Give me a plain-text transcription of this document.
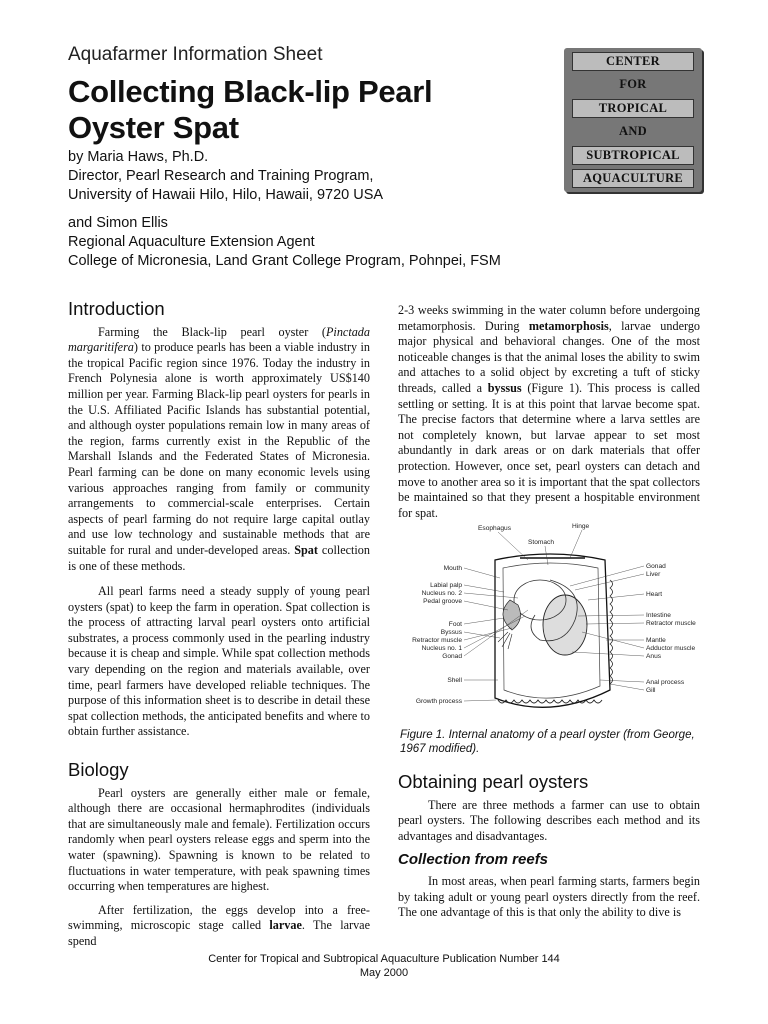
Aquafarmer Information Sheet
Collecting Black-lip Pearl
Oyster Spat

by Maria Haws, Ph.D.

Director, Pearl Research and Training Program,

University of Hawaii Hilo, Hilo, Hawaii, 9720 USA

and Simon Ellis

Regional Aquaculture Extension Agent

College of Micronesia, Land Grant College Program, Pohnpei, FSM

CENTER
FOR
TROPICAL
AND
SUBTROPICAL
AQUACULTURE
Introduction

Farming the Black-lip pearl oyster (Pinctada margaritifera) to produce pearls has been a viable industry in the tropical Pacific region since 1976. Today the industry in French Polynesia alone is worth approximately US$140 million per year. Farming Black-lip pearl oysters for pearls in the U.S. Affiliated Pacific Islands has substantial potential, and although oyster populations remain low in many areas of the region, farms currently exist in the Republic of the Marshall Islands and the Federated States of Micronesia. Pearl farming can be done on many economic levels using various approaches ranging from family or community arrangements to commercial-scale enterprises. Certain aspects of pearl farming do not require large capital outlay and use low technology and sustainable methods that are suitable for rural and under-developed areas. Spat collection is one of these methods.

All pearl farms need a steady supply of young pearl oysters (spat) to keep the farm in operation. Spat collection is the process of attracting larval pearl oysters onto artificial substrates, a process commonly used in the pearling industry because it is cheap and simple. While spat collection methods vary depending on the region and materials available, over time, pearl farmers have developed reliable techniques. The purpose of this information sheet is to describe in detail these spat collection methods, the anticipated benefits and where to obtain further assistance.

Biology

Pearl oysters are generally either male or female, although there are occasional hermaphrodites (individuals that are simultaneously male and female). Fertilization occurs randomly when pearl oysters release eggs and sperm into the water (spawning). Spawning is known to be related to fluctuations in water temperature, with peak spawning times occurring when temperatures are highest.

After fertilization, the eggs develop into a free-swimming, microscopic stage called larvae. The larvae spend

2-3 weeks swimming in the water column before undergoing metamorphosis. During metamorphosis, larvae undergo major physical and behavioral changes. One of the most noticeable changes is that the animal loses the ability to swim and attaches to a solid object by excreting a tuft of sticky threads, called a byssus (Figure 1). This process is called settling or setting. It is at this point that larvae become spat. The precise factors that determine where a larva settles are not completely known, but larvae appear to set most abundantly in dark areas or on dark materials that offer protection. However, once set, pearl oysters can detach and move to another area so it is important that the spat collectors be maintained so that they present a hospitable environment for spat.

Esophagus
Stomach
Hinge
Mouth
Labial palp
Nucleus no. 2
Pedal groove
Foot
Byssus
Retractor muscle
Nucleus no. 1
Gonad
Shell
Growth process
Gonad
Liver
Heart
Intestine
Retractor muscle
Mantle
Adductor muscle
Anus
Anal process
Gill
Figure 1. Internal anatomy of a pearl oyster (from George, 1967 modified).
Obtaining pearl oysters

There are three methods a farmer can use to obtain pearl oysters. The following describes each method and its advantages and disadvantages.

Collection from reefs

In most areas, when pearl farming starts, farmers begin by taking adult or young pearl oysters directly from the reef. The one advantage of this is that only the ability to dive is

Center for Tropical and Subtropical Aquaculture Publication Number 144
May 2000
